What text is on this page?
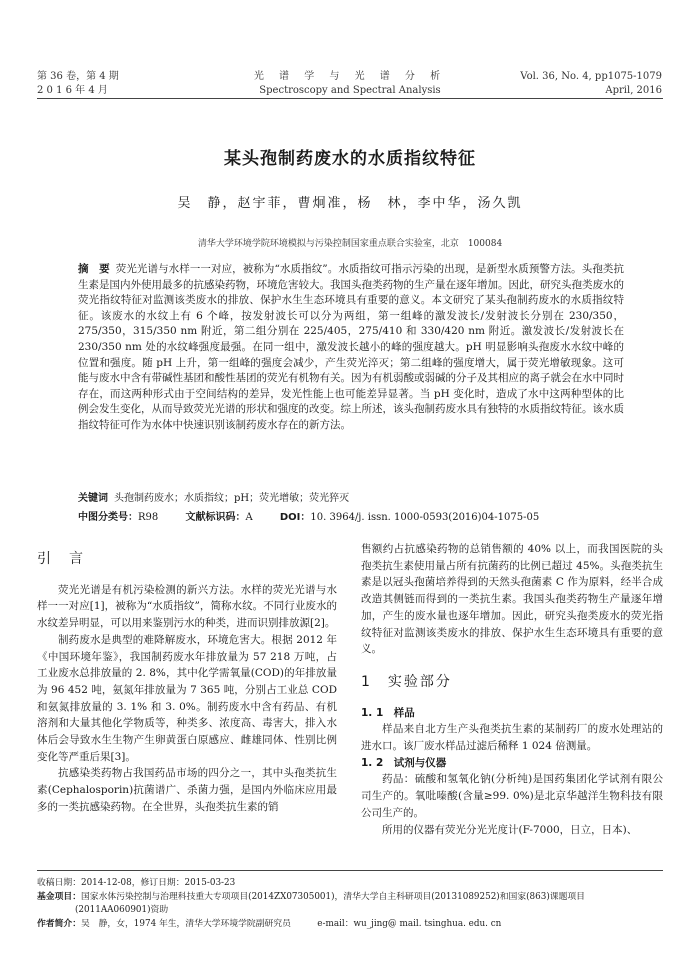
第 36 卷，第 4 期
2 0 1 6 年 4 月
光 谱 学 与 光 谱 分 析
Spectroscopy and Spectral Analysis
Vol. 36, No. 4, pp1075-1079
April, 2016
某头孢制药废水的水质指纹特征
吴　静，赵宇菲，曹炯准，杨　林，李中华，汤久凯
清华大学环境学院环境模拟与污染控制国家重点联合实验室，北京　100084
摘　要 荧光光谱与水样一一对应，被称为“水质指纹”。水质指纹可指示污染的出现，是新型水质预警方法。头孢类抗生素是国内外使用最多的抗感染药物，环境危害较大。我国头孢类药物的生产量在逐年增加。因此，研究头孢类废水的荧光指纹特征对监测该类废水的排放、保护水生生态环境具有重要的意义。本文研究了某头孢制药废水的水质指纹特征。该废水的水纹上有 6 个峰，按发射波长可以分为两组，第一组峰的激发波长/发射波长分别在 230/350，275/350，315/350 nm 附近，第二组分别在 225/405，275/410 和 330/420 nm 附近。激发波长/发射波长在 230/350 nm 处的水纹峰强度最强。在同一组中，激发波长越小的峰的强度越大。pH 明显影响头孢废水水纹中峰的位置和强度。随 pH 上升，第一组峰的强度会减少，产生荧光淬灭；第二组峰的强度增大，属于荧光增敏现象。这可能与废水中含有带碱性基团和酸性基团的荧光有机物有关。因为有机弱酸或弱碱的分子及其相应的离子就会在水中同时存在，而这两种形式由于空间结构的差异，发光性能上也可能差异显著。当 pH 变化时，造成了水中这两种型体的比例会发生变化，从而导致荧光光谱的形状和强度的改变。综上所述，该头孢制药废水具有独特的水质指纹特征。该水质指纹特征可作为水体中快速识别该制药废水存在的新方法。
关键词 头孢制药废水；水质指纹；pH；荧光增敏；荧光猝灭
中图分类号：R98	文献标识码：A	DOI：10. 3964/j. issn. 1000-0593(2016)04-1075-05
引　言

荧光光谱是有机污染检测的新兴方法。水样的荧光光谱与水样一一对应[1]，被称为“水质指纹”，简称水纹。不同行业废水的水纹差异明显，可以用来鉴别污水的种类，进而识别排放源[2]。

制药废水是典型的难降解废水，环境危害大。根据 2012 年《中国环境年鉴》，我国制药废水年排放量为 57 218 万吨，占工业废水总排放量的 2. 8%，其中化学需氧量(COD)的年排放量为 96 452 吨，氨氮年排放量为 7 365 吨，分别占工业总 COD 和氨氮排放量的 3. 1% 和 3. 0%。制药废水中含有药品、有机溶剂和大量其他化学物质等，种类多、浓度高、毒害大，排入水体后会导致水生生物产生卵黄蛋白原感应、雌雄同体、性别比例变化等严重后果[3]。

抗感染类药物占我国药品市场的四分之一，其中头孢类抗生素(Cephalosporin)抗菌谱广、杀菌力强，是国内外临床应用最多的一类抗感染药物。在全世界，头孢类抗生素的销

售额约占抗感染药物的总销售额的 40% 以上，而我国医院的头孢类抗生素使用量占所有抗菌药的比例已超过 45%。头孢类抗生素是以冠头孢菌培养得到的天然头孢菌素 C 作为原料，经半合成改造其侧链而得到的一类抗生素。我国头孢类药物生产量逐年增加，产生的废水量也逐年增加。因此，研究头孢类废水的荧光指纹特征对监测该类废水的排放、保护水生生态环境具有重要的意义。

1　实验部分
1. 1　样品

样品来自北方生产头孢类抗生素的某制药厂的废水处理站的进水口。该厂废水样品过滤后稀释 1 024 倍测量。

1. 2　试剂与仪器

药品：硫酸和氢氧化钠(分析纯)是国药集团化学试剂有限公司生产的。氧吡嗪酸(含量≥99. 0%)是北京华越洋生物科技有限公司生产的。

所用的仪器有荧光分光光度计(F-7000，日立，日本)、

收稿日期：2014-12-08，修订日期：2015-03-23
基金项目：国家水体污染控制与治理科技重大专项项目(2014ZX07305001)，清华大学自主科研项目(20131089252)和国家(863)课题项目
(2011AA060901)资助
作者简介：吴　静，女，1974 年生，清华大学环境学院副研究员　　　e-mail：wu_jing@ mail. tsinghua. edu. cn
